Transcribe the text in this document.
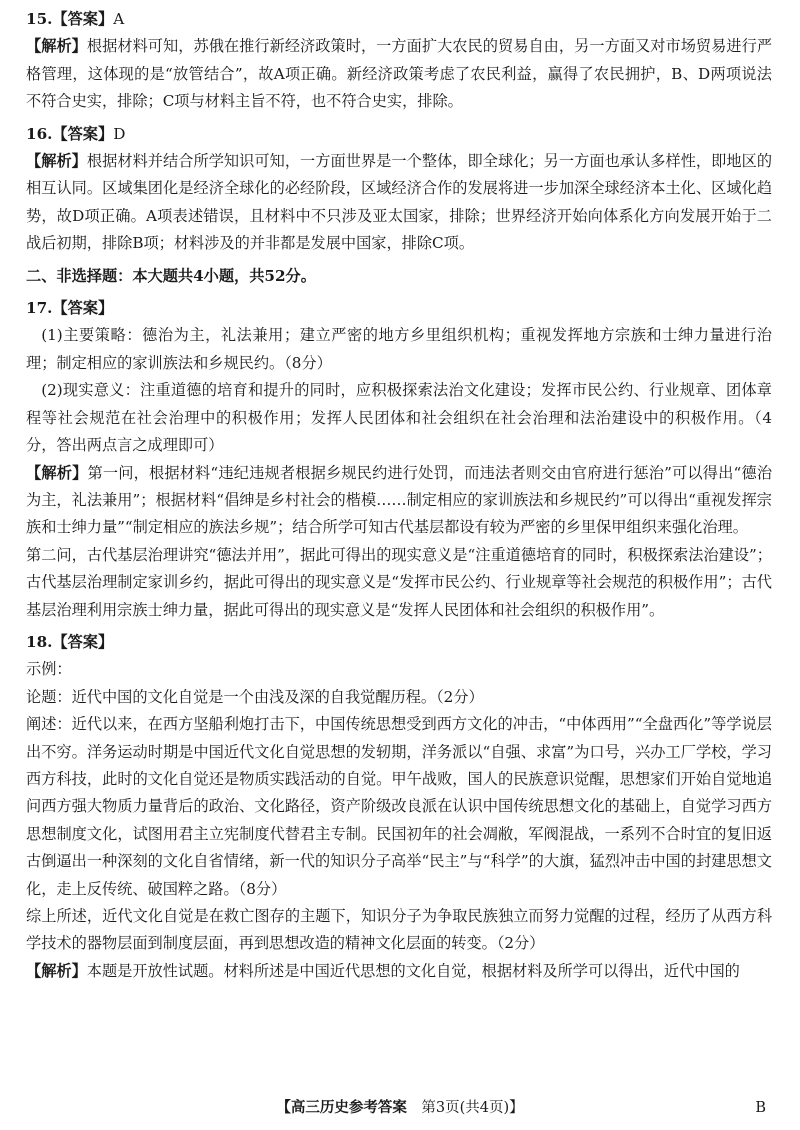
15.【答案】A

【解析】根据材料可知，苏俄在推行新经济政策时，一方面扩大农民的贸易自由，另一方面又对市场贸易进行严格管理，这体现的是“放管结合”，故A项正确。新经济政策考虑了农民利益，赢得了农民拥护，B、D两项说法不符合史实，排除；C项与材料主旨不符，也不符合史实，排除。

16.【答案】D

【解析】根据材料并结合所学知识可知，一方面世界是一个整体，即全球化；另一方面也承认多样性，即地区的相互认同。区域集团化是经济全球化的必经阶段，区域经济合作的发展将进一步加深全球经济本土化、区域化趋势，故D项正确。A项表述错误，且材料中不只涉及亚太国家，排除；世界经济开始向体系化方向发展开始于二战后初期，排除B项；材料涉及的并非都是发展中国家，排除C项。

二、非选择题：本大题共4小题，共52分。

17.【答案】

(1)主要策略：德治为主，礼法兼用；建立严密的地方乡里组织机构；重视发挥地方宗族和士绅力量进行治理；制定相应的家训族法和乡规民约。（8分）

(2)现实意义：注重道德的培育和提升的同时，应积极探索法治文化建设；发挥市民公约、行业规章、团体章程等社会规范在社会治理中的积极作用；发挥人民团体和社会组织在社会治理和法治建设中的积极作用。（4分，答出两点言之成理即可）

【解析】第一问，根据材料“违纪违规者根据乡规民约进行处罚，而违法者则交由官府进行惩治”可以得出“德治为主，礼法兼用”；根据材料“倡绅是乡村社会的楷模……制定相应的家训族法和乡规民约”可以得出“重视发挥宗族和士绅力量”“制定相应的族法乡规”；结合所学可知古代基层都设有较为严密的乡里保甲组织来强化治理。

第二问，古代基层治理讲究“德法并用”，据此可得出的现实意义是“注重道德培育的同时，积极探索法治建设”；古代基层治理制定家训乡约，据此可得出的现实意义是“发挥市民公约、行业规章等社会规范的积极作用”；古代基层治理利用宗族士绅力量，据此可得出的现实意义是“发挥人民团体和社会组织的积极作用”。

18.【答案】

示例：

论题：近代中国的文化自觉是一个由浅及深的自我觉醒历程。（2分）

阐述：近代以来，在西方坚船利炮打击下，中国传统思想受到西方文化的冲击，“中体西用”“全盘西化”等学说层出不穷。洋务运动时期是中国近代文化自觉思想的发轫期，洋务派以“自强、求富”为口号，兴办工厂学校，学习西方科技，此时的文化自觉还是物质实践活动的自觉。甲午战败，国人的民族意识觉醒，思想家们开始自觉地追问西方强大物质力量背后的政治、文化路径，资产阶级改良派在认识中国传统思想文化的基础上，自觉学习西方思想制度文化，试图用君主立宪制度代替君主专制。民国初年的社会凋敝，军阀混战，一系列不合时宜的复旧返古倒逼出一种深刻的文化自省情绪，新一代的知识分子高举“民主”与“科学”的大旗，猛烈冲击中国的封建思想文化，走上反传统、破国粹之路。（8分）

综上所述，近代文化自觉是在救亡图存的主题下，知识分子为争取民族独立而努力觉醒的过程，经历了从西方科学技术的器物层面到制度层面，再到思想改造的精神文化层面的转变。（2分）

【解析】本题是开放性试题。材料所述是中国近代思想的文化自觉，根据材料及所学可以得出，近代中国的

【高三历史参考答案　 第3页(共4页)】	B
